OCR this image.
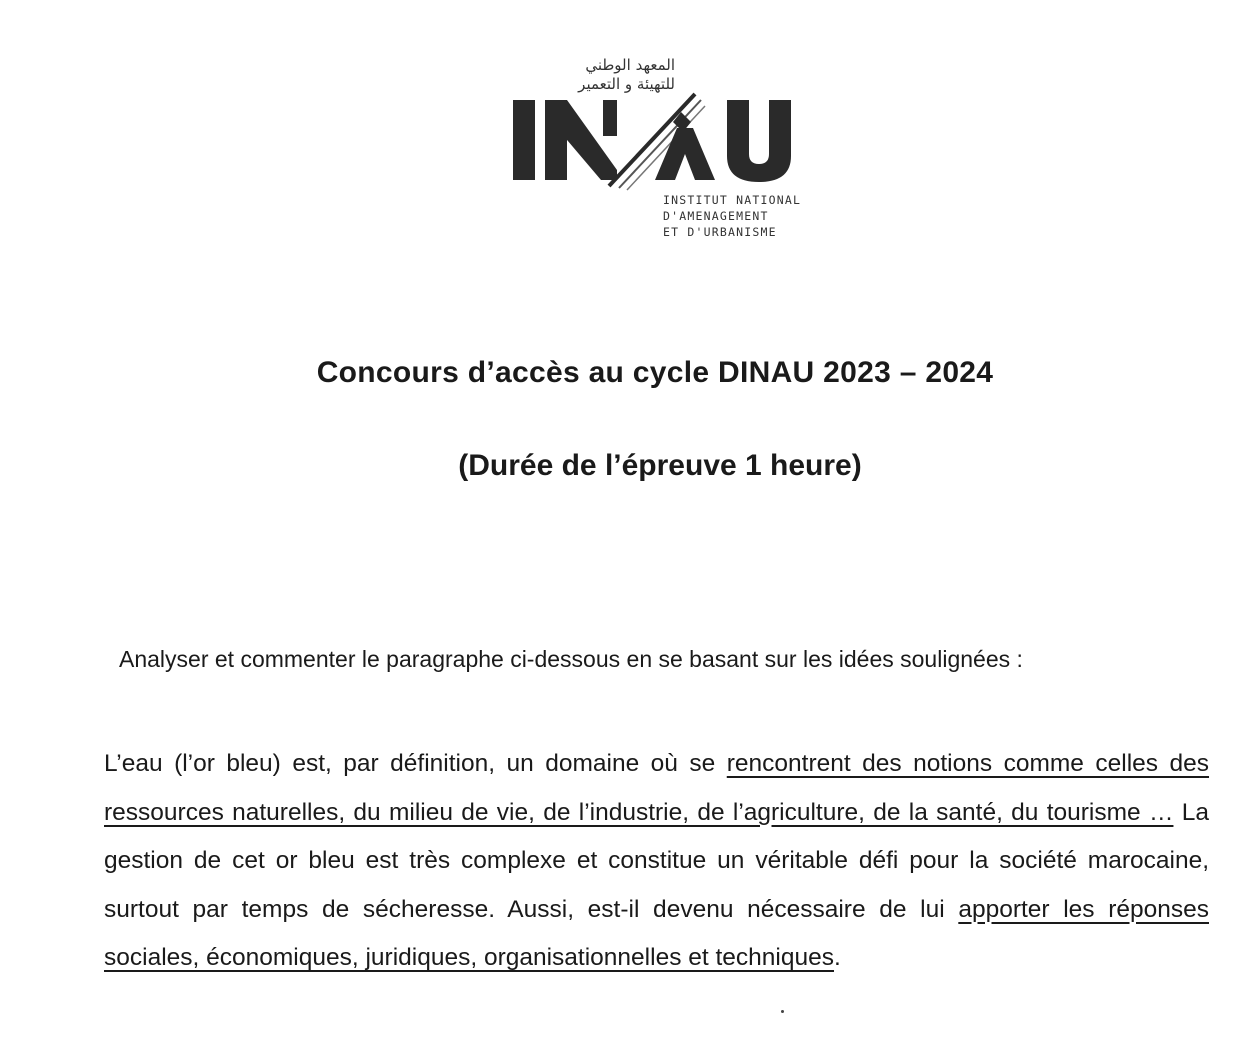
المعهد الوطني
للتهيئة و التعمير
INSTITUT NATIONAL
D'AMENAGEMENT
ET D'URBANISME
Concours d’accès au cycle DINAU 2023 – 2024
(Durée de l’épreuve 1 heure)
Analyser et commenter le paragraphe ci-dessous en se basant sur les idées soulignées :
L’eau (l’or bleu) est, par définition, un domaine où se rencontrent des notions comme celles des ressources naturelles, du milieu de vie, de l’industrie, de l’agriculture, de la santé, du tourisme … La gestion de cet or bleu est très complexe et constitue un véritable défi pour la société marocaine, surtout par temps de sécheresse. Aussi, est-il devenu nécessaire de lui apporter les réponses sociales, économiques, juridiques, organisationnelles et techniques.
